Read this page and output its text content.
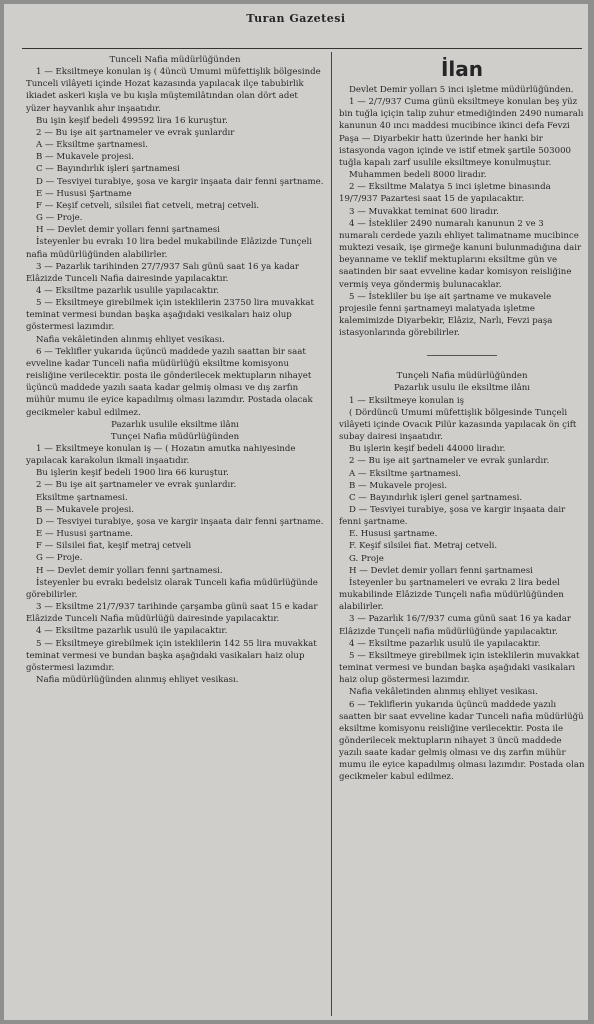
Turan Gazetesi

Tunceli Nafia müdürlüğünden

1 — Eksiltmeye konulan iş ( 4üncü Umumi müfettişlik bölgesinde Tunceli vilâyeti içinde Hozat kazasında yapılacak ilçe tabubirlik ikiadet askeri kışla ve bu kışla müştemilâtından olan dört adet yüzer hayvanlık ahır inşaatıdır.

Bu işin keşif bedeli 499592 lira 16 kuruştur.

2 — Bu işe ait şartnameler ve evrak şunlardır

A — Eksiltme şartnamesi.

B — Mukavele projesi.

C — Bayındırlık işleri şartnamesi

D — Tesviyei turabiye, şosa ve kargir inşaata dair fenni şartname.

E — Hususi Şartname

F — Keşif cetveli, silsilei fiat cetveli, metraj cetveli.

G — Proje.

H — Devlet demir yolları fenni şartnamesi

İsteyenler bu evrakı 10 lira bedel mukabilinde Elâzizde Tunçeli nafia müdürlüğünden alabilirler.

3 — Pazarlık tarihinden 27/7/937 Salı günü saat 16 ya kadar Elâzizde Tunceli Nafia dairesinde yapılacaktır.

4 — Eksiltme pazarlık usulile yapılacaktır.

5 — Eksiltmeye girebilmek için isteklilerin 23750 lira muvakkat teminat vermesi bundan başka aşağıdaki vesikaları haiz olup göstermesi lazımdır.

Nafia vekâletinden alınmış ehliyet vesikası.

6 — Teklifler yukarıda üçüncü maddede yazılı saattan bir saat evveline kadar Tunceli nafia müdürlüğü eksiltme komisyonu reisliğine verilecektir. posta ile gönderilecek mektupların nihayet üçüncü maddede yazılı saata kadar gelmiş olması ve dış zarfın mühür mumu ile eyice kapadılmış olması lazımdır. Postada olacak gecikmeler kabul edilmez.

Pazarlık usulile eksiltme ilânı

Tunçei Nafia müdürlüğünden

1 — Eksiltmeye konulan iş — ( Hozatın amutka nahiyesinde yapılacak karakolun ikmali inşaatıdır.

Bu işlerin keşif bedeli 1900 lira 66 kuruştur.

2 — Bu işe ait şartnameler ve evrak şunlardır.

Eksiltme şartnamesi.

B — Mukavele projesi.

D — Tesviyei turabiye, şosa ve kargir inşaata dair fenni şartname.

E — Hususi şartname.

F — Silsilei fiat, keşif metraj cetveli

G — Proje.

H — Devlet demir yolları fenni şartnamesi.

İsteyenler bu evrakı bedelsiz olarak Tunceli kafia müdürlüğünde görebilirler.

3 — Eksiltme 21/7/937 tarihinde çarşamba günü saat 15 e kadar Elâzizde Tunceli Nafia müdürlüğü dairesinde yapılacaktır.

4 — Eksiltme pazarlık usulü ile yapılacaktır.

5 — Eksiltmeye girebilmek için isteklilerin 142 55 lira muvakkat teminat vermesi ve bundan başka aşağıdaki vasikaları haiz olup göstermesi lazımdır.

Nafia müdürlüğünden alınmış ehliyet vesikası.

İlan

Devlet Demir yolları 5 inci işletme müdürlüğünden.

1 — 2/7/937 Cuma günü eksiltmeye konulan beş yüz bin tuğla içiçin talip zuhur etmediğinden 2490 numaralı kanunun 40 ıncı maddesi mucibince ikinci defa Fevzi Paşa — Diyarbekir hattı üzerinde her hanki bir istasyonda vagon içinde ve istif etmek şartile 503000 tuğla kapalı zarf usulile eksiltmeye konulmuştur.

Muhammen bedeli 8000 liradır.

2 — Eksiltme Malatya 5 inci işletme binasında 19/7/937 Pazartesi saat 15 de yapılacaktır.

3 — Muvakkat teminat 600 liradır.

4 — İstekliler 2490 numaralı kanunun 2 ve 3 numaralı cerdede yazılı ehliyet talimatname mucibince muktezi vesaik, işe girmeğe kanuni bulunmadığına dair beyanname ve teklif mektuplarını eksiltme gün ve saatinden bir saat evveline kadar komisyon reisliğine vermiş veya göndermiş bulunacaklar.

5 — İstekliler bu işe ait şartname ve mukavele projesile fenni şartnameyi malatyada işletme kalemimizde Diyarbekir, Elâziz, Narlı, Fevzi paşa istasyonlarında görebilirler.

Tunçeli Nafia müdürlüğünden

Pazarlık usulu ile eksiltme ilânı

1 — Eksiltmeye konulan iş

( Dördüncü Umumi müfettişlik bölgesinde Tunçeli vilâyeti içinde Ovacık Pilür kazasında yapılacak ön çift subay dairesi inşaatıdır.

Bu işlerin keşif bedeli 44000 liradır.

2 — Bu işe ait şartnameler ve evrak şunlardır.

A — Eksiltme şartnamesi.

B — Mukavele projesi.

C — Bayındırlık işleri genel şartnamesi.

D — Tesviyei turabiye, şosa ve kargir inşaata dair fenni şartname.

E. Hususi şartname.

F. Keşif silsilei fiat. Metraj cetveli.

G. Proje

H — Devlet demir yolları fenni şartnamesi

İsteyenler bu şartnameleri ve evrakı 2 lira bedel mukabilinde Elâzizde Tunçeli nafia müdürlüğünden alabilirler.

3 — Pazarlık 16/7/937 cuma günü saat 16 ya kadar Elâzizde Tunçeli nafia müdürlüğünde yapılacaktır.

4 — Eksiltme pazarlık usulü ile yapılacaktır.

5 — Eksiltmeye girebilmek için isteklilerin muvakkat teminat vermesi ve bundan başka aşağıdaki vasikaları haiz olup göstermesi lazımdır.

Nafia vekâletinden alınmış ehliyet vesikası.

6 — Tekliflerin yukarıda üçüncü maddede yazılı saatten bir saat evveline kadar Tunceli nafia müdürlüğü eksiltme komisyonu reisliğine verilecektir. Posta ile gönderilecek mektupların nihayet 3 üncü maddede yazılı saate kadar gelmiş olması ve dış zarfın mühür mumu ile eyice kapadılmış olması lazımdır. Postada olan gecikmeler kabul edilmez.
